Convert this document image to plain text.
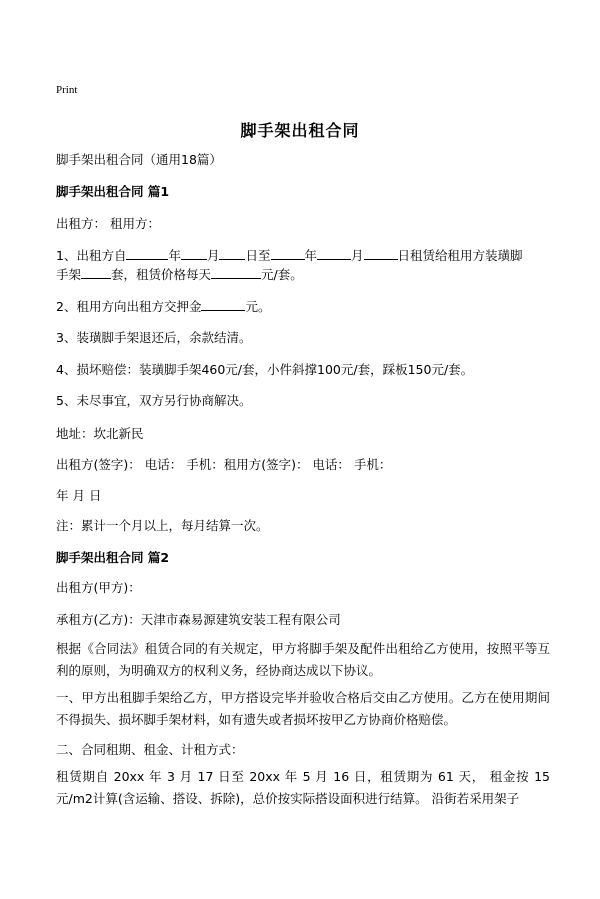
Print
脚手架出租合同
脚手架出租合同（通用18篇）
脚手架出租合同 篇1
出租方： 租用方：
1、出租方自	年 月 日至	年	月	日租赁给租用方装璜脚
手架 套，租赁价格每天	元/套。
2、租用方向出租方交押金	元。
3、装璜脚手架退还后，余款结清。
4、损坏赔偿：装璜脚手架460元/套，小件斜撑100元/套，踩板150元/套。
5、未尽事宜，双方另行协商解决。
地址：坎北新民
出租方(签字)： 电话： 手机：租用方(签字)： 电话： 手机：
年 月 日
注：累计一个月以上，每月结算一次。
脚手架出租合同 篇2
出租方(甲方)：
承租方(乙方)：天津市森易源建筑安装工程有限公司
根据《合同法》租赁合同的有关规定，甲方将脚手架及配件出租给乙方使用，按照平等互利的原则，为明确双方的权利义务，经协商达成以下协议。
一、甲方出租脚手架给乙方，甲方搭设完毕并验收合格后交由乙方使用。乙方在使用期间不得损失、损坏脚手架材料，如有遗失或者损坏按甲乙方协商价格赔偿。
二、合同租期、租金、计租方式：
租赁期自 20xx 年 3 月 17 日至 20xx 年 5 月 16 日，租赁期为 61 天， 租金按 15 元/m2计算(含运输、搭设、拆除)，总价按实际搭设面积进行结算。 沿街若采用架子
